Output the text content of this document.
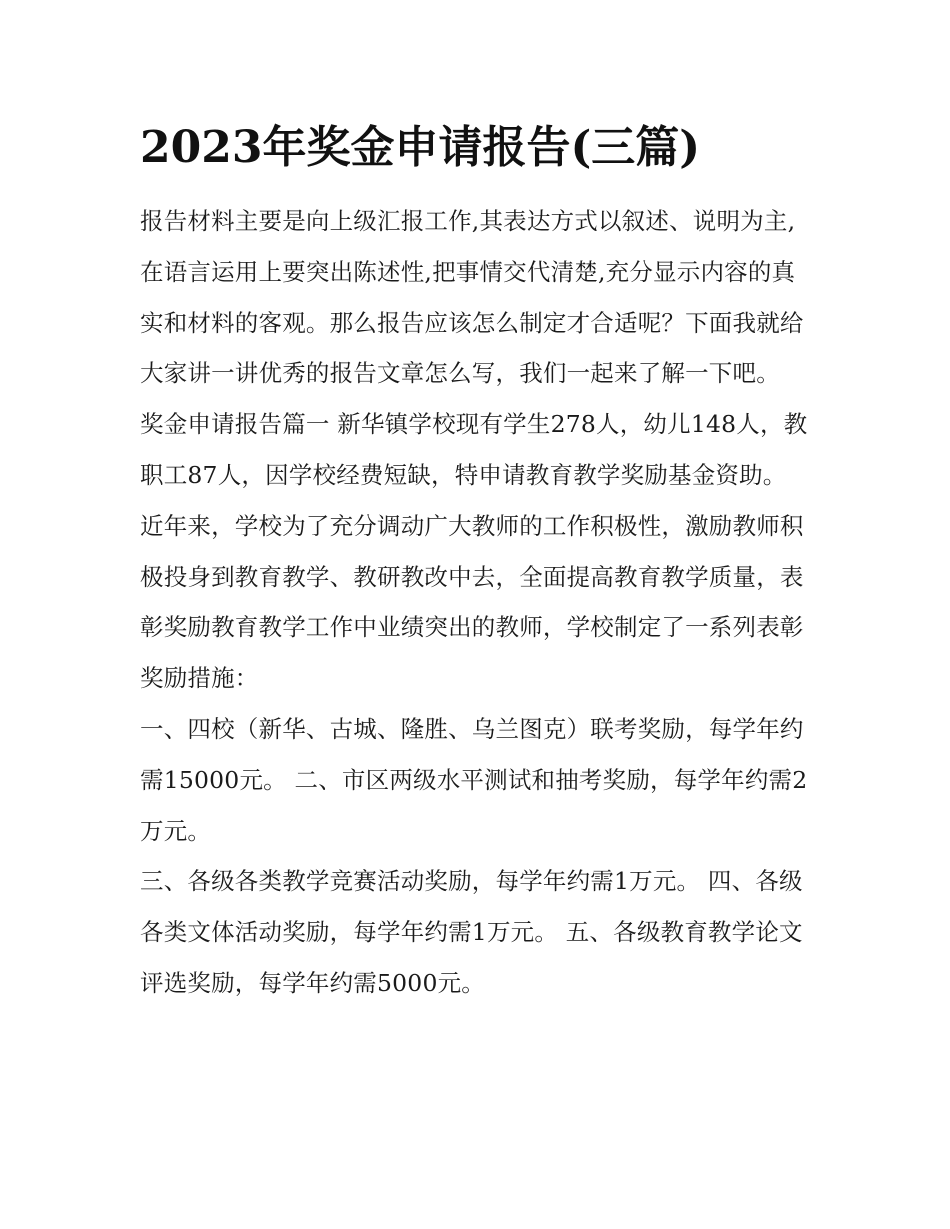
2023年奖金申请报告(三篇)

报告材料主要是向上级汇报工作,其表达方式以叙述、说明为主,在语言运用上要突出陈述性,把事情交代清楚,充分显示内容的真实和材料的客观。那么报告应该怎么制定才合适呢？下面我就给大家讲一讲优秀的报告文章怎么写，我们一起来了解一下吧。

奖金申请报告篇一 新华镇学校现有学生278人，幼儿148人，教职工87人，因学校经费短缺，特申请教育教学奖励基金资助。

近年来，学校为了充分调动广大教师的工作积极性，激励教师积极投身到教育教学、教研教改中去，全面提高教育教学质量，表彰奖励教育教学工作中业绩突出的教师，学校制定了一系列表彰奖励措施：

一、四校（新华、古城、隆胜、乌兰图克）联考奖励，每学年约需15000元。 二、市区两级水平测试和抽考奖励，每学年约需2万元。

三、各级各类教学竞赛活动奖励，每学年约需1万元。 四、各级各类文体活动奖励，每学年约需1万元。 五、各级教育教学论文评选奖励，每学年约需5000元。
